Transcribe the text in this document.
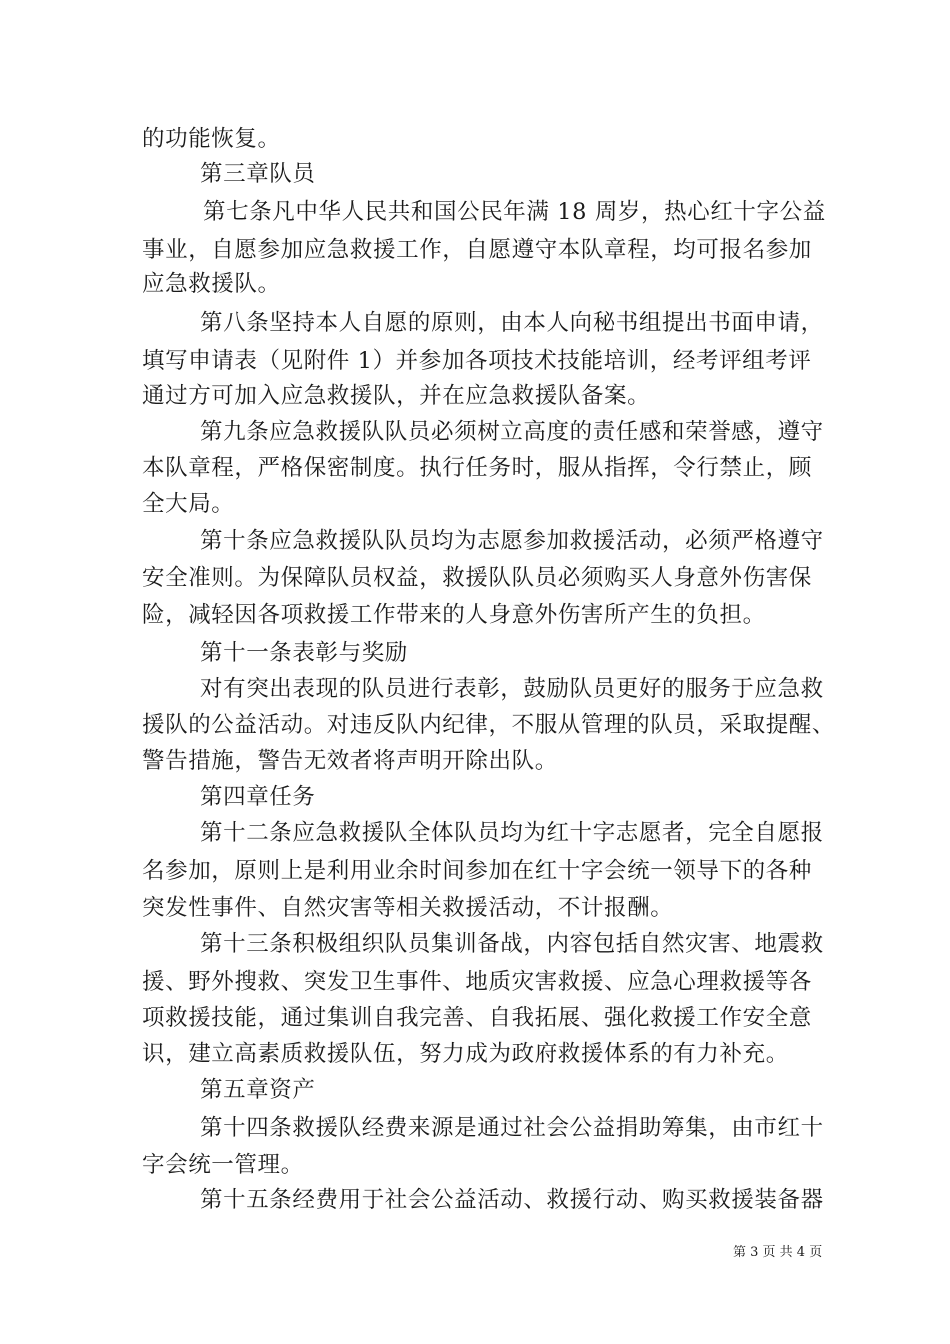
的功能恢复。
第三章队员
第七条凡中华人民共和国公民年满 18 周岁，热心红十字公益
事业，自愿参加应急救援工作，自愿遵守本队章程，均可报名参加
应急救援队。
第八条坚持本人自愿的原则，由本人向秘书组提出书面申请，
填写申请表（见附件 1）并参加各项技术技能培训，经考评组考评
通过方可加入应急救援队，并在应急救援队备案。
第九条应急救援队队员必须树立高度的责任感和荣誉感，遵守
本队章程，严格保密制度。执行任务时，服从指挥，令行禁止，顾
全大局。
第十条应急救援队队员均为志愿参加救援活动，必须严格遵守
安全准则。为保障队员权益，救援队队员必须购买人身意外伤害保
险，减轻因各项救援工作带来的人身意外伤害所产生的负担。
第十一条表彰与奖励
对有突出表现的队员进行表彰，鼓励队员更好的服务于应急救
援队的公益活动。对违反队内纪律，不服从管理的队员，采取提醒、
警告措施，警告无效者将声明开除出队。
第四章任务
第十二条应急救援队全体队员均为红十字志愿者，完全自愿报
名参加，原则上是利用业余时间参加在红十字会统一领导下的各种
突发性事件、自然灾害等相关救援活动，不计报酬。
第十三条积极组织队员集训备战，内容包括自然灾害、地震救
援、野外搜救、突发卫生事件、地质灾害救援、应急心理救援等各
项救援技能，通过集训自我完善、自我拓展、强化救援工作安全意
识，建立高素质救援队伍，努力成为政府救援体系的有力补充。
第五章资产
第十四条救援队经费来源是通过社会公益捐助筹集，由市红十
字会统一管理。
第十五条经费用于社会公益活动、救援行动、购买救援装备器
第 3 页 共 4 页
